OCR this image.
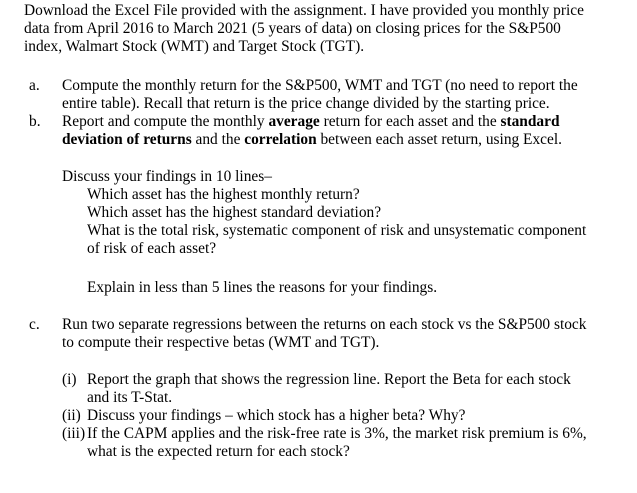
Download the Excel File provided with the assignment. I have provided you monthly price
data from April 2016 to March 2021 (5 years of data) on closing prices for the S&P500
index, Walmart Stock (WMT) and Target Stock (TGT).
a. Compute the monthly return for the S&P500, WMT and TGT (no need to report the
entire table). Recall that return is the price change divided by the starting price.
b. Report and compute the monthly average return for each asset and the standard
deviation of returns and the correlation between each asset return, using Excel.
Discuss your findings in 10 lines–
Which asset has the highest monthly return?
Which asset has the highest standard deviation?
What is the total risk, systematic component of risk and unsystematic component
of risk of each asset?
Explain in less than 5 lines the reasons for your findings.
c. Run two separate regressions between the returns on each stock vs the S&P500 stock
to compute their respective betas (WMT and TGT).
(i) Report the graph that shows the regression line. Report the Beta for each stock
and its T-Stat.
(ii) Discuss your findings – which stock has a higher beta? Why?
(iii) If the CAPM applies and the risk-free rate is 3%, the market risk premium is 6%,
what is the expected return for each stock?
